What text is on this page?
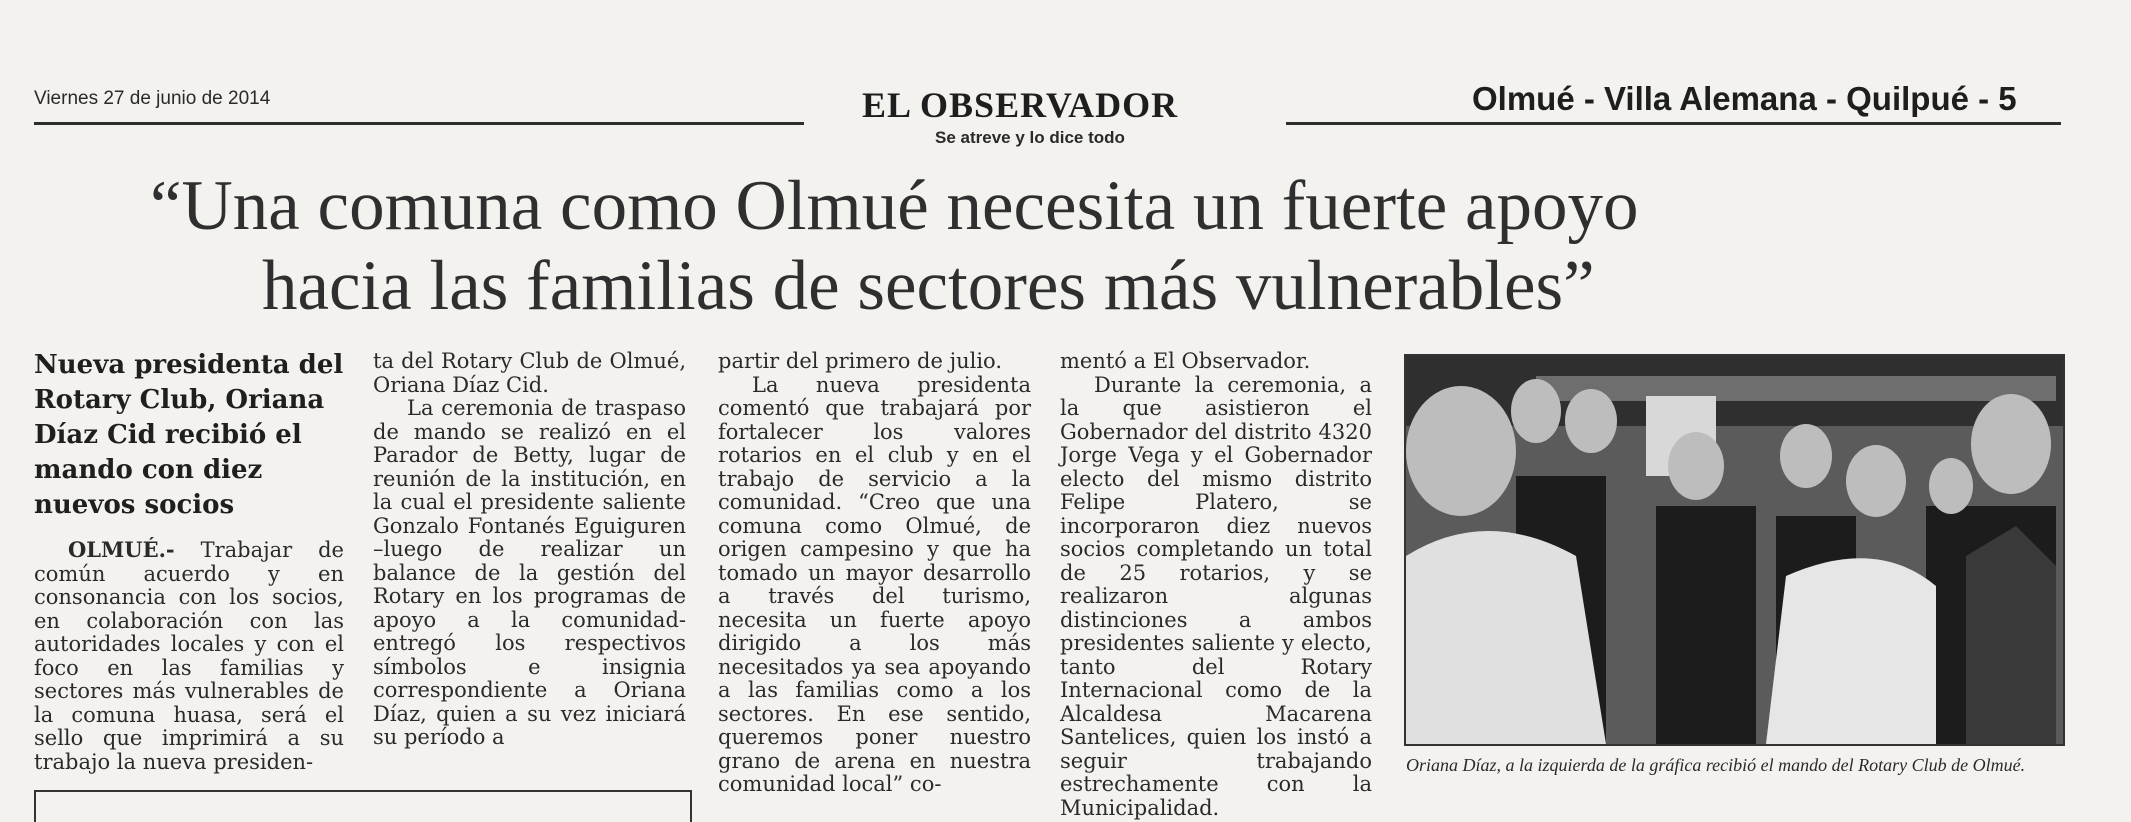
Viernes 27 de junio de 2014	EL OBSERVADOR
Se atreve y lo dice todo
Olmué - Villa Alemana - Quilpué - 5
“Una comuna como Olmué necesita un fuerte apoyo
hacia las familias de sectores más vulnerables”
Nueva presidenta del Rotary Club, Oriana Díaz Cid recibió el mando con diez nuevos socios

OLMUÉ.- Trabajar de común acuerdo y en consonancia con los socios, en colaboración con las autoridades locales y con el foco en las familias y sectores más vulnerables de la comuna huasa, será el sello que imprimirá a su trabajo la nueva presiden-

ta del Rotary Club de Olmué, Oriana Díaz Cid.

La ceremonia de traspaso de mando se realizó en el Parador de Betty, lugar de reunión de la institución, en la cual el presidente saliente Gonzalo Fontanés Eguiguren –luego de realizar un balance de la gestión del Rotary en los programas de apoyo a la comunidad- entregó los respectivos símbolos e insignia correspondiente a Oriana Díaz, quien a su vez iniciará su período a

partir del primero de julio.

La nueva presidenta comentó que trabajará por fortalecer los valores rotarios en el club y en el trabajo de servicio a la comunidad. “Creo que una comuna como Olmué, de origen campesino y que ha tomado un mayor desarrollo a través del turismo, necesita un fuerte apoyo dirigido a los más necesitados ya sea apoyando a las familias como a los sectores. En ese sentido, queremos poner nuestro grano de arena en nuestra comunidad local” co-

mentó a El Observador.

Durante la ceremonia, a la que asistieron el Gobernador del distrito 4320 Jorge Vega y el Gobernador electo del mismo distrito Felipe Platero, se incorporaron diez nuevos socios completando un total de 25 rotarios, y se realizaron algunas distinciones a ambos presidentes saliente y electo, tanto del Rotary Internacional como de la Alcaldesa Macarena Santelices, quien los instó a seguir trabajando estrechamente con la Municipalidad.

Oriana Díaz, a la izquierda de la gráfica recibió el mando del Rotary Club de Olmué.
